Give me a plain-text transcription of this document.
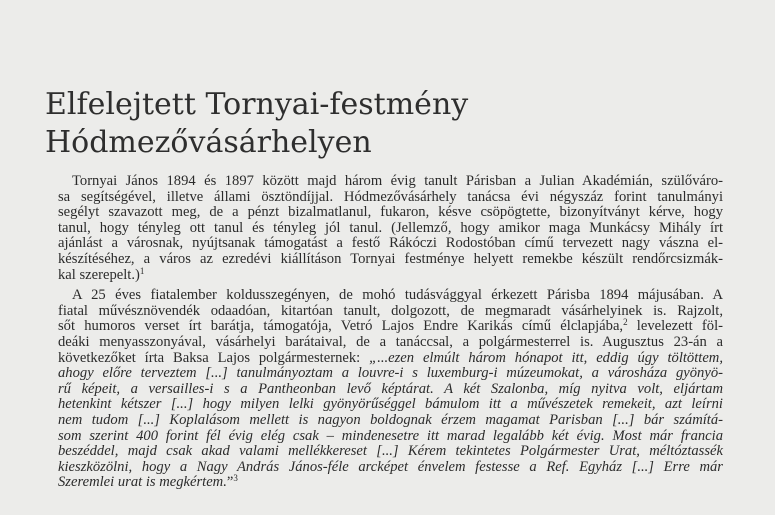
Elfelejtett Tornyai-festmény
Hódmezővásárhelyen

Tornyai János 1894 és 1897 között majd három évig tanult Párisban a Julian Akadémián, szülőváro-
sa segítségével, illetve állami ösztöndíjjal. Hódmezővásárhely tanácsa évi négyszáz forint tanulmányi
segélyt szavazott meg, de a pénzt bizalmatlanul, fukaron, késve csöpögtette, bizonyítványt kérve, hogy
tanul, hogy tényleg ott tanul és tényleg jól tanul. (Jellemző, hogy amikor maga Munkácsy Mihály írt
ajánlást a városnak, nyújtsanak támogatást a festő Rákóczi Rodostóban című tervezett nagy vászna el-
készítéséhez, a város az ezredévi kiállításon Tornyai festménye helyett remekbe készült rendőrcsizmák-
kal szerepelt.)$^1$

A 25 éves fiatalember koldusszegényen, de mohó tudásvággyal érkezett Párisba 1894 májusában. A
fiatal művésznövendék odaadóan, kitartóan tanult, dolgozott, de megmaradt vásárhelyinek is. Rajzolt,
sőt humoros verset írt barátja, támogatója, Vetró Lajos Endre Karikás című élclapjába,$^2$ levelezett föl-
deáki menyasszonyával, vásárhelyi barátaival, de a tanáccsal, a polgármesterrel is. Augusztus 23-án a
következőket írta Baksa Lajos polgármesternek: „...ezen elmúlt három hónapot itt, eddig úgy töltöttem,
ahogy előre terveztem [...] tanulmányoztam a louvre-i s luxemburg-i múzeumokat, a városháza gyönyö-
rű képeit, a versailles-i s a Pantheonban levő képtárat. A két Szalonba, míg nyitva volt, eljártam
hetenkint kétszer [...] hogy milyen lelki gyönyörűséggel bámulom itt a művészetek remekeit, azt leírni
nem tudom [...] Koplalásom mellett is nagyon boldognak érzem magamat Parisban [...] bár számítá-
som szerint 400 forint fél évig elég csak – mindenesetre itt marad legalább két évig. Most már francia
beszéddel, majd csak akad valami mellékkereset [...] Kérem tekintetes Polgármester Urat, méltóztassék
kieszközölni, hogy a Nagy András János-féle arcképet énvelem festesse a Ref. Egyház [...] Erre már
Szeremlei urat is megkértem.”$^3$
